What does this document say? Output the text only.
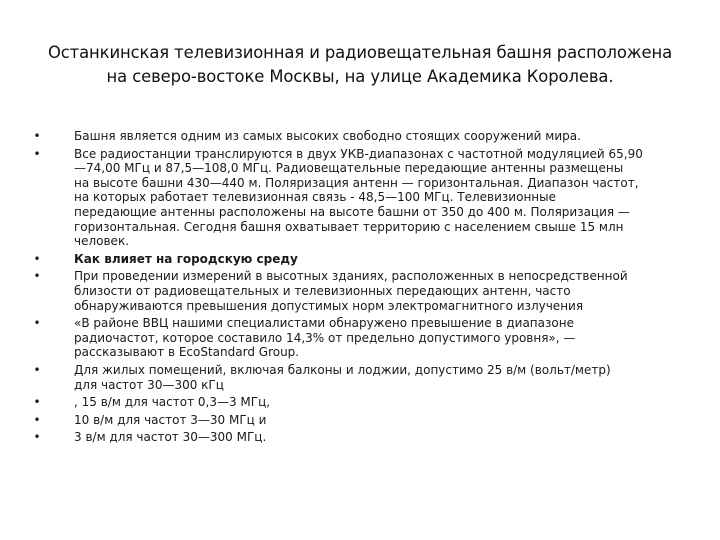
Останкинская телевизионная и радиовещательная башня расположена
на северо-востоке Москвы, на улице Академика Королева.
•	Башня является одним из самых высоких свободно стоящих сооружений мира.
•	Все радиостанции транслируются в двух УКВ-диапазонах с частотной модуляцией 65,90
—74,00 МГц и 87,5—108,0 МГц. Радиовещательные передающие антенны размещены
на высоте башни 430—440 м. Поляризация антенн — горизонтальная. Диапазон частот,
на которых работает телевизионная связь - 48,5—100 МГц. Телевизионные
передающие антенны расположены на высоте башни от 350 до 400 м. Поляризация —
горизонтальная. Сегодня башня охватывает территорию с населением свыше 15 млн
человек.
•	Как влияет на городскую среду
•	При проведении измерений в высотных зданиях, расположенных в непосредственной
близости от радиовещательных и телевизионных передающих антенн, часто
обнаруживаются превышения допустимых норм электромагнитного излучения
•	«В районе ВВЦ нашими специалистами обнаружено превышение в диапазоне
радиочастот, которое составило 14,3% от предельно допустимого уровня», —
рассказывают в EcoStandard Group.
•	Для жилых помещений, включая балконы и лоджии, допустимо 25 в/м (вольт/метр)
для частот 30—300 кГц
•	, 15 в/м для частот 0,3—3 МГц,
•	10 в/м для частот 3—30 МГц и
•	3 в/м для частот 30—300 МГц.
